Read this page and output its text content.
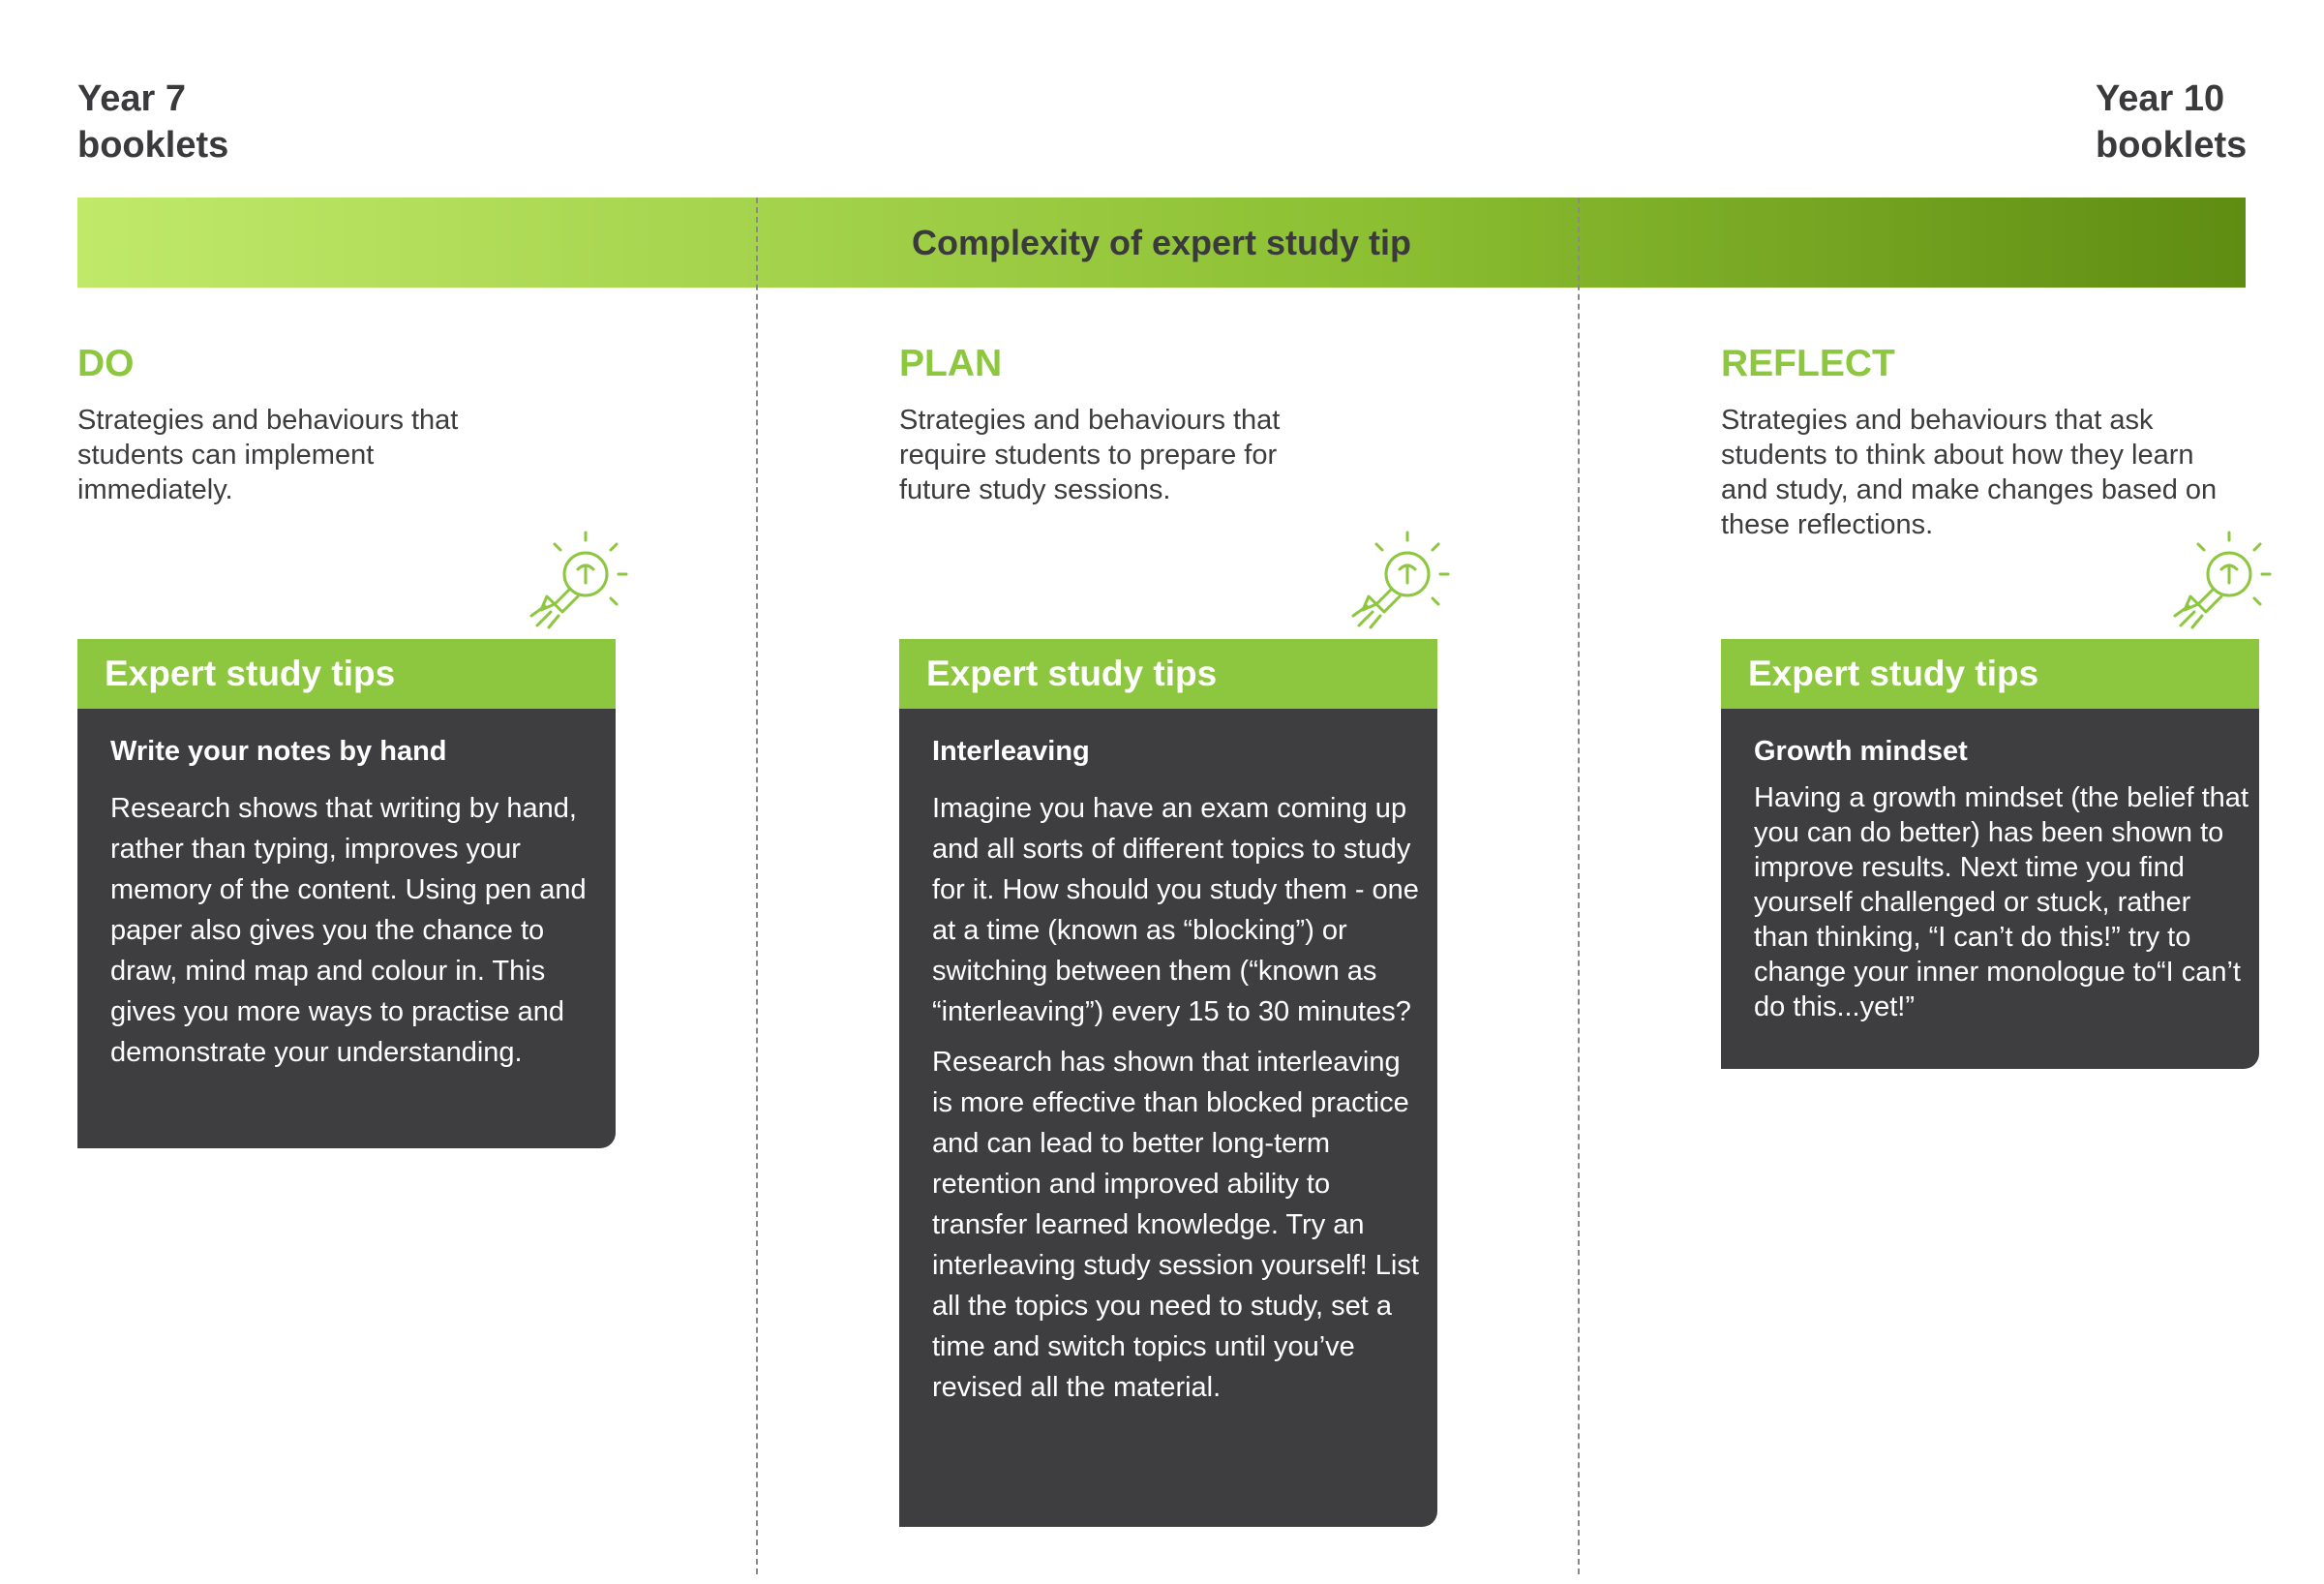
Year 7
booklets
Year 10
booklets
Complexity of expert study tip
DO
Strategies and behaviours that students can implement immediately.
Expert study tips
Write your notes by hand

Research shows that writing by hand, rather than typing, improves your memory of the content. Using pen and paper also gives you the chance to draw, mind map and colour in. This gives you more ways to practise and demonstrate your understanding.

PLAN
Strategies and behaviours that require students to prepare for future study sessions.
Expert study tips
Interleaving

Imagine you have an exam coming up and all sorts of different topics to study for it. How should you study them - one at a time (known as “blocking”) or switching between them (“known as “interleaving”) every 15 to 30 minutes?

Research has shown that interleaving is more effective than blocked practice and can lead to better long-term retention and improved ability to transfer learned knowledge. Try an interleaving study session yourself! List all the topics you need to study, set a time and switch topics until you’ve revised all the material.

REFLECT
Strategies and behaviours that ask students to think about how they learn and study, and make changes based on these reflections.
Expert study tips
Growth mindset

Having a growth mindset (the belief that you can do better) has been shown to improve results. Next time you find yourself challenged or stuck, rather than thinking, “I can’t do this!” try to change your inner monologue to“I can’t do this...yet!”
